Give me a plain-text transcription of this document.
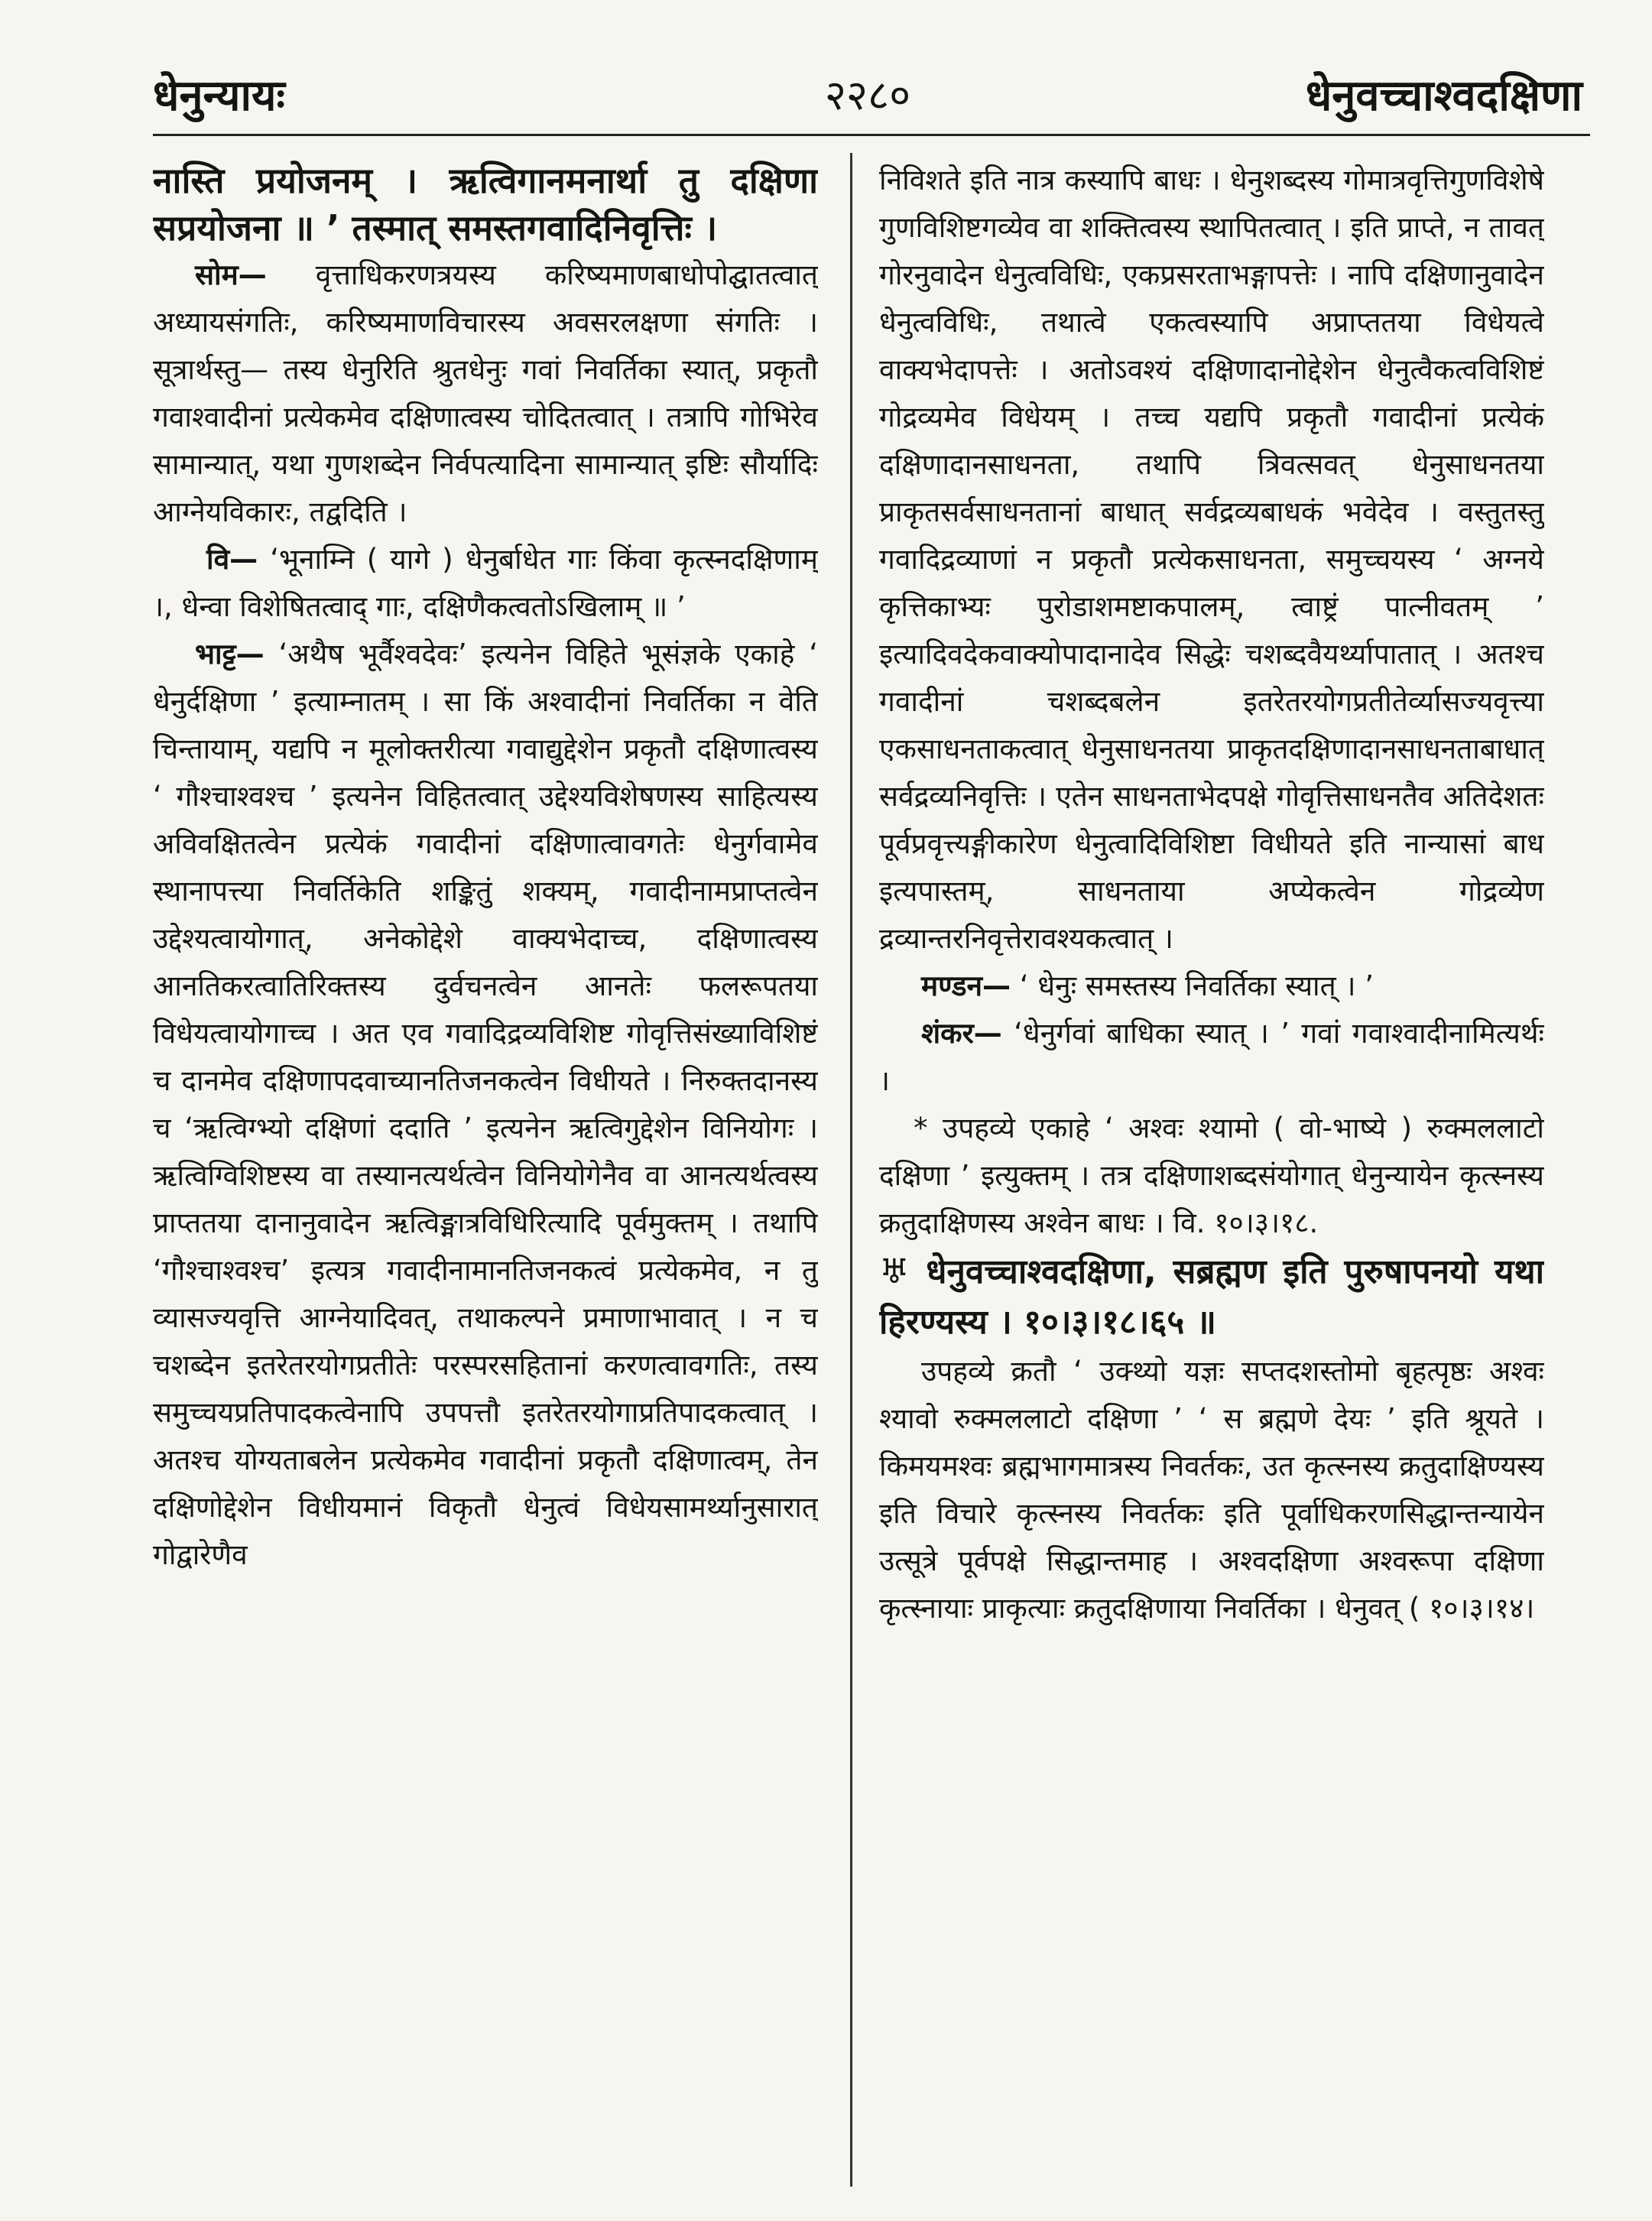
धेनुन्यायः	२२८०	धेनुवच्चाश्वदक्षिणा

नास्ति प्रयोजनम् । ऋत्विगानमनार्था तु दक्षिणा सप्रयोजना ॥ ’ तस्मात् समस्तगवादिनिवृत्तिः ।

सोम— वृत्ताधिकरणत्रयस्य करिष्यमाणबाधोपोद्घातत्वात् अध्यायसंगतिः, करिष्यमाणविचारस्य अवसरलक्षणा संगतिः । सूत्रार्थस्तु— तस्य धेनुरिति श्रुतधेनुः गवां निवर्तिका स्यात्, प्रकृतौ गवाश्वादीनां प्रत्येकमेव दक्षिणात्वस्य चोदितत्वात् । तत्रापि गोभिरेव सामान्यात्, यथा गुणशब्देन निर्वपत्यादिना सामान्यात् इष्टिः सौर्यादिः आग्नेयविकारः, तद्वदिति ।

वि— ‘भूनाम्नि ( यागे ) धेनुर्बाधेत गाः किंवा कृत्स्नदक्षिणाम् ।, धेन्वा विशेषितत्वाद् गाः, दक्षिणैकत्वतोऽखिलाम् ॥ ’

भाट्ट— ‘अथैष भूर्वैश्वदेवः’ इत्यनेन विहिते भूसंज्ञके एकाहे ‘ धेनुर्दक्षिणा ’ इत्याम्नातम् । सा किं अश्वादीनां निवर्तिका न वेति चिन्तायाम्, यद्यपि न मूलोक्तरीत्या गवाद्युद्देशेन प्रकृतौ दक्षिणात्वस्य ‘ गौश्चाश्वश्च ’ इत्यनेन विहितत्वात् उद्देश्यविशेषणस्य साहित्यस्य अविवक्षितत्वेन प्रत्येकं गवादीनां दक्षिणात्वावगतेः धेनुर्गवामेव स्थानापत्त्या निवर्तिकेति शङ्कितुं शक्यम्, गवादीनामप्राप्तत्वेन उद्देश्यत्वायोगात्, अनेकोद्देशे वाक्यभेदाच्च, दक्षिणात्वस्य आनतिकरत्वातिरिक्तस्य दुर्वचनत्वेन आनतेः फलरूपतया विधेयत्वायोगाच्च । अत एव गवादिद्रव्यविशिष्ट गोवृत्तिसंख्याविशिष्टं च दानमेव दक्षिणापदवाच्यानतिजनकत्वेन विधीयते । निरुक्तदानस्य च ‘ऋत्विग्भ्यो दक्षिणां ददाति ’ इत्यनेन ऋत्विगुद्देशेन विनियोगः । ऋत्विग्विशिष्टस्य वा तस्यानत्यर्थत्वेन विनियोगेनैव वा आनत्यर्थत्वस्य प्राप्ततया दानानुवादेन ऋत्विङ्मात्रविधिरित्यादि पूर्वमुक्तम् । तथापि ‘गौश्चाश्वश्च’ इत्यत्र गवादीनामानतिजनकत्वं प्रत्येकमेव, न तु व्यासज्यवृत्ति आग्नेयादिवत्, तथाकल्पने प्रमाणाभावात् । न च चशब्देन इतरेतरयोगप्रतीतेः परस्परसहितानां करणत्वावगतिः, तस्य समुच्चयप्रतिपादकत्वेनापि उपपत्तौ इतरेतरयोगाप्रतिपादकत्वात् । अतश्च योग्यताबलेन प्रत्येकमेव गवादीनां प्रकृतौ दक्षिणात्वम्, तेन दक्षिणोद्देशेन विधीयमानं विकृतौ धेनुत्वं विधेयसामर्थ्यानुसारात् गोद्वारेणैव

निविशते इति नात्र कस्यापि बाधः । धेनुशब्दस्य गोमात्रवृत्तिगुणविशेषे गुणविशिष्टगव्येव वा शक्तित्वस्य स्थापितत्वात् । इति प्राप्ते, न तावत् गोरनुवादेन धेनुत्वविधिः, एकप्रसरताभङ्गापत्तेः । नापि दक्षिणानुवादेन धेनुत्वविधिः, तथात्वे एकत्वस्यापि अप्राप्ततया विधेयत्वे वाक्यभेदापत्तेः । अतोऽवश्यं दक्षिणादानोद्देशेन धेनुत्वैकत्वविशिष्टं गोद्रव्यमेव विधेयम् । तच्च यद्यपि प्रकृतौ गवादीनां प्रत्येकं दक्षिणादानसाधनता, तथापि त्रिवत्सवत् धेनुसाधनतया प्राकृतसर्वसाधनतानां बाधात् सर्वद्रव्यबाधकं भवेदेव । वस्तुतस्तु गवादिद्रव्याणां न प्रकृतौ प्रत्येकसाधनता, समुच्चयस्य ‘ अग्नये कृत्तिकाभ्यः पुरोडाशमष्टाकपालम्, त्वाष्ट्रं पात्नीवतम् ’ इत्यादिवदेकवाक्योपादानादेव सिद्धेः चशब्दवैयर्थ्यापातात् । अतश्च गवादीनां चशब्दबलेन इतरेतरयोगप्रतीतेर्व्यासज्यवृत्त्या एकसाधनताकत्वात् धेनुसाधनतया प्राकृतदक्षिणादानसाधनताबाधात् सर्वद्रव्यनिवृत्तिः । एतेन साधनताभेदपक्षे गोवृत्तिसाधनतैव अतिदेशतः पूर्वप्रवृत्त्यङ्गीकारेण धेनुत्वादिविशिष्टा विधीयते इति नान्यासां बाध इत्यपास्तम्, साधनताया अप्येकत्वेन गोद्रव्येण द्रव्यान्तरनिवृत्तेरावश्यकत्वात् ।

मण्डन— ‘ धेनुः समस्तस्य निवर्तिका स्यात् । ’

शंकर— ‘धेनुर्गवां बाधिका स्यात् । ’ गवां गवाश्वादीनामित्यर्थः ।

* उपहव्ये एकाहे ‘ अश्वः श्यामो ( वो-भाष्ये ) रुक्मललाटो दक्षिणा ’ इत्युक्तम् । तत्र दक्षिणाशब्दसंयोगात् धेनुन्यायेन कृत्स्नस्य क्रतुदाक्षिणस्य अश्वेन बाधः । वि. १०।३।१८.

♅ धेनुवच्चाश्वदक्षिणा, सब्रह्मण इति पुरुषापनयो यथा हिरण्यस्य । १०।३।१८।६५ ॥

उपहव्ये क्रतौ ‘ उक्थ्यो यज्ञः सप्तदशस्तोमो बृहत्पृष्ठः अश्वः श्यावो रुक्मललाटो दक्षिणा ’ ‘ स ब्रह्मणे देयः ’ इति श्रूयते । किमयमश्वः ब्रह्मभागमात्रस्य निवर्तकः, उत कृत्स्नस्य क्रतुदाक्षिण्यस्य इति विचारे कृत्स्नस्य निवर्तकः इति पूर्वाधिकरणसिद्धान्तन्यायेन उत्सूत्रे पूर्वपक्षे सिद्धान्तमाह । अश्वदक्षिणा अश्वरूपा दक्षिणा कृत्स्नायाः प्राकृत्याः क्रतुदक्षिणाया निवर्तिका । धेनुवत् ( १०।३।१४।
